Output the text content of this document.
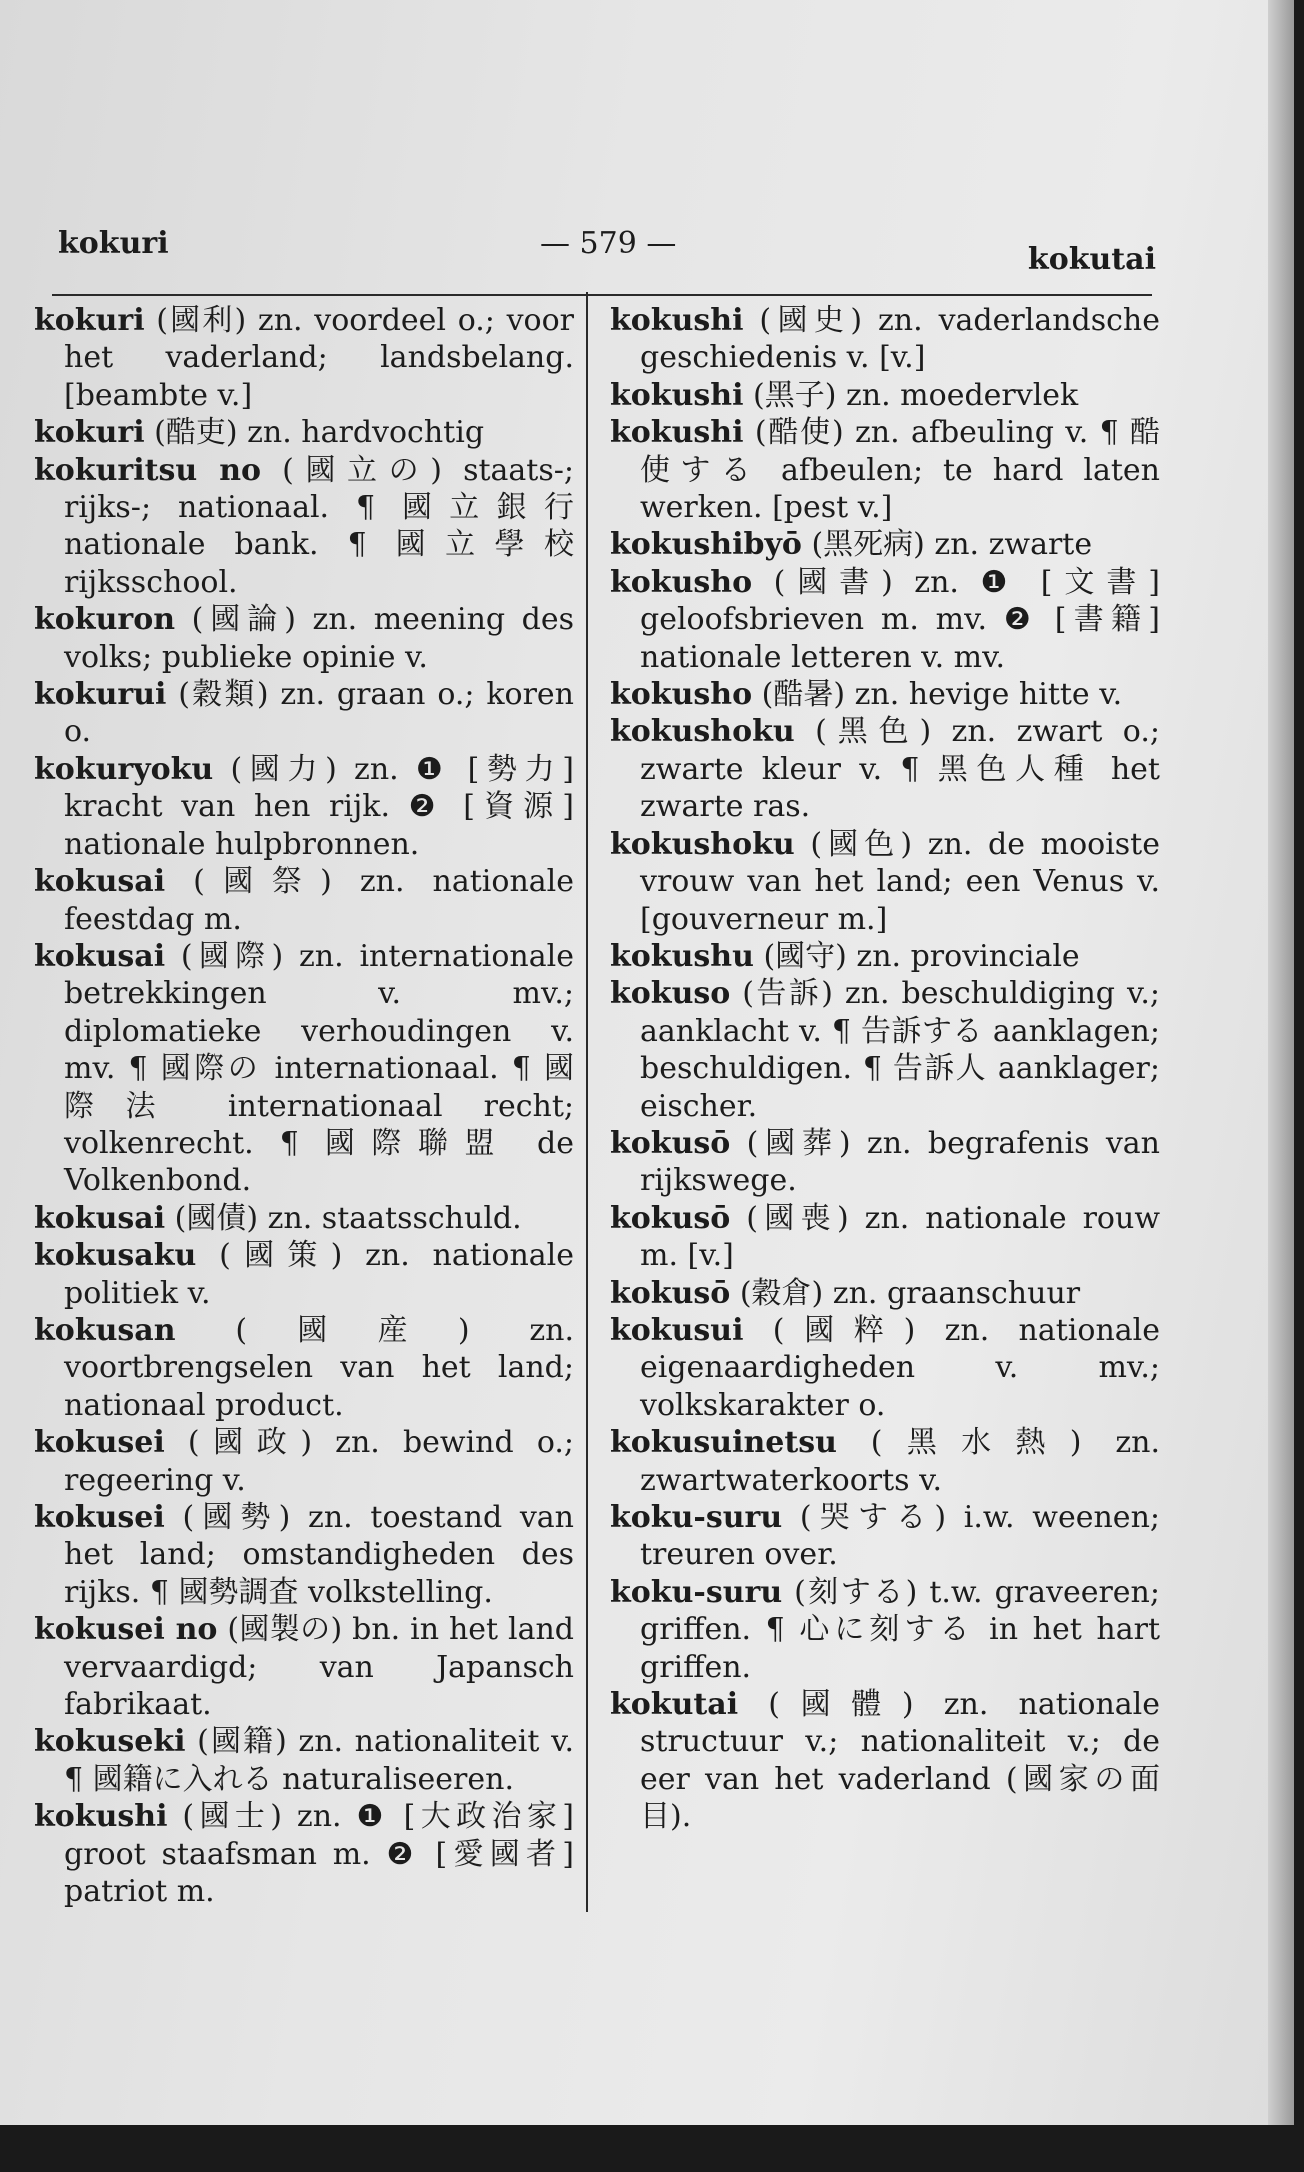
kokuri	— 579 —	kokutai

kokuri (國利) zn. voordeel o.; voor het vaderland; landsbelang. [beambte v.]

kokuri (酷吏) zn. hardvochtig

kokuritsu no (國立の) staats-; rijks-; nationaal. ¶ 國立銀行 nationale bank. ¶ 國立學校 rijksschool.

kokuron (國論) zn. meening des volks; publieke opinie v.

kokurui (穀類) zn. graan o.; koren o.

kokuryoku (國力) zn. ❶ [勢力] kracht van hen rijk. ❷ [資源] nationale hulpbronnen.

kokusai (國祭) zn. nationale feestdag m.

kokusai (國際) zn. internationale betrekkingen v. mv.; diplomatieke verhoudingen v. mv. ¶ 國際の internationaal. ¶ 國際法 internationaal recht; volkenrecht. ¶ 國際聯盟 de Volkenbond.

kokusai (國債) zn. staatsschuld.

kokusaku (國策) zn. nationale politiek v.

kokusan (國産) zn. voortbrengselen van het land; nationaal product.

kokusei (國政) zn. bewind o.; regeering v.

kokusei (國勢) zn. toestand van het land; omstandigheden des rijks. ¶ 國勢調査 volkstelling.

kokusei no (國製の) bn. in het land vervaardigd; van Japansch fabrikaat.

kokuseki (國籍) zn. nationaliteit v. ¶ 國籍に入れる naturaliseeren.

kokushi (國士) zn. ❶ [大政治家] groot staafsman m. ❷ [愛國者] patriot m.

kokushi (國史) zn. vaderlandsche geschiedenis v. [v.]

kokushi (黑子) zn. moedervlek

kokushi (酷使) zn. afbeuling v. ¶ 酷使する afbeulen; te hard laten werken. [pest v.]

kokushibyō (黑死病) zn. zwarte

kokusho (國書) zn. ❶ [文書] geloofsbrieven m. mv. ❷ [書籍] nationale letteren v. mv.

kokusho (酷暑) zn. hevige hitte v.

kokushoku (黑色) zn. zwart o.; zwarte kleur v. ¶ 黑色人種 het zwarte ras.

kokushoku (國色) zn. de mooiste vrouw van het land; een Venus v. [gouverneur m.]

kokushu (國守) zn. provinciale

kokuso (告訴) zn. beschuldiging v.; aanklacht v. ¶ 告訴する aanklagen; beschuldigen. ¶ 告訴人 aanklager; eischer.

kokusō (國葬) zn. begrafenis van rijkswege.

kokusō (國喪) zn. nationale rouw m. [v.]

kokusō (穀倉) zn. graanschuur

kokusui (國粹) zn. nationale eigenaardigheden v. mv.; volkskarakter o.

kokusuinetsu (黑水熱) zn. zwartwaterkoorts v.

koku-suru (哭する) i.w. weenen; treuren over.

koku-suru (刻する) t.w. graveeren; griffen. ¶ 心に刻する in het hart griffen.

kokutai (國體) zn. nationale structuur v.; nationaliteit v.; de eer van het vaderland (國家の面目).
